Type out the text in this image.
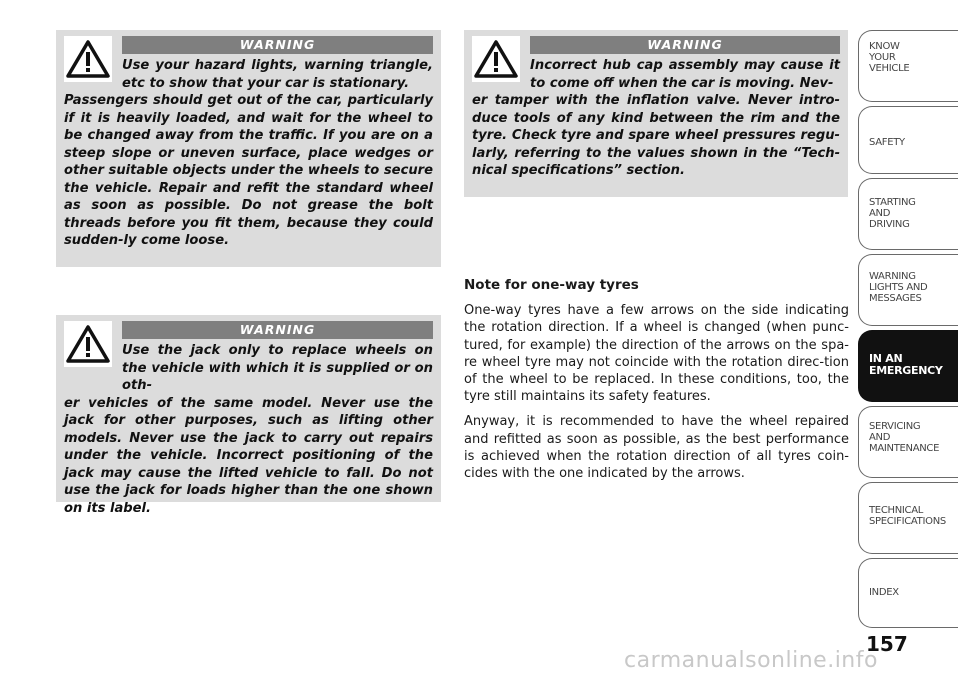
WARNING
Use your hazard lights, warning triangle, etc to show that your car is stationary.
Passengers should get out of the car, particularly if it is heavily loaded, and wait for the wheel to be changed away from the traffic. If you are on a steep slope or uneven surface, place wedges or other suitable objects under the wheels to secure the vehicle. Repair and refit the standard wheel as soon as possible. Do not grease the bolt threads before you fit them, because they could sudden-ly come loose.
WARNING
Use the jack only to replace wheels on the vehicle with which it is supplied or on oth-
er vehicles of the same model. Never use the jack for other purposes, such as lifting other models. Never use the jack to carry out repairs under the vehicle. Incorrect positioning of the jack may cause the lifted vehicle to fall. Do not use the jack for loads higher than the one shown on its label.
WARNING
Incorrect hub cap assembly may cause it to come off when the car is moving. Nev-
er tamper with the inflation valve. Never intro-duce tools of any kind between the rim and the tyre. Check tyre and spare wheel pressures regu-larly, referring to the values shown in the “Tech-nical specifications” section.
Note for one-way tyres

One-way tyres have a few arrows on the side indicating the rotation direction. If a wheel is changed (when punc-tured, for example) the direction of the arrows on the spa-re wheel tyre may not coincide with the rotation direc-tion of the wheel to be replaced. In these conditions, too, the tyre still maintains its safety features.

Anyway, it is recommended to have the wheel repaired and refitted as soon as possible, as the best performance is achieved when the rotation direction of all tyres coin-cides with the one indicated by the arrows.

KNOW
YOUR
VEHICLE
SAFETY
STARTING
AND
DRIVING
WARNING
LIGHTS AND
MESSAGES
IN AN
EMERGENCY
SERVICING
AND
MAINTENANCE
TECHNICAL
SPECIFICATIONS
INDEX
157
carmanualsonline.info
